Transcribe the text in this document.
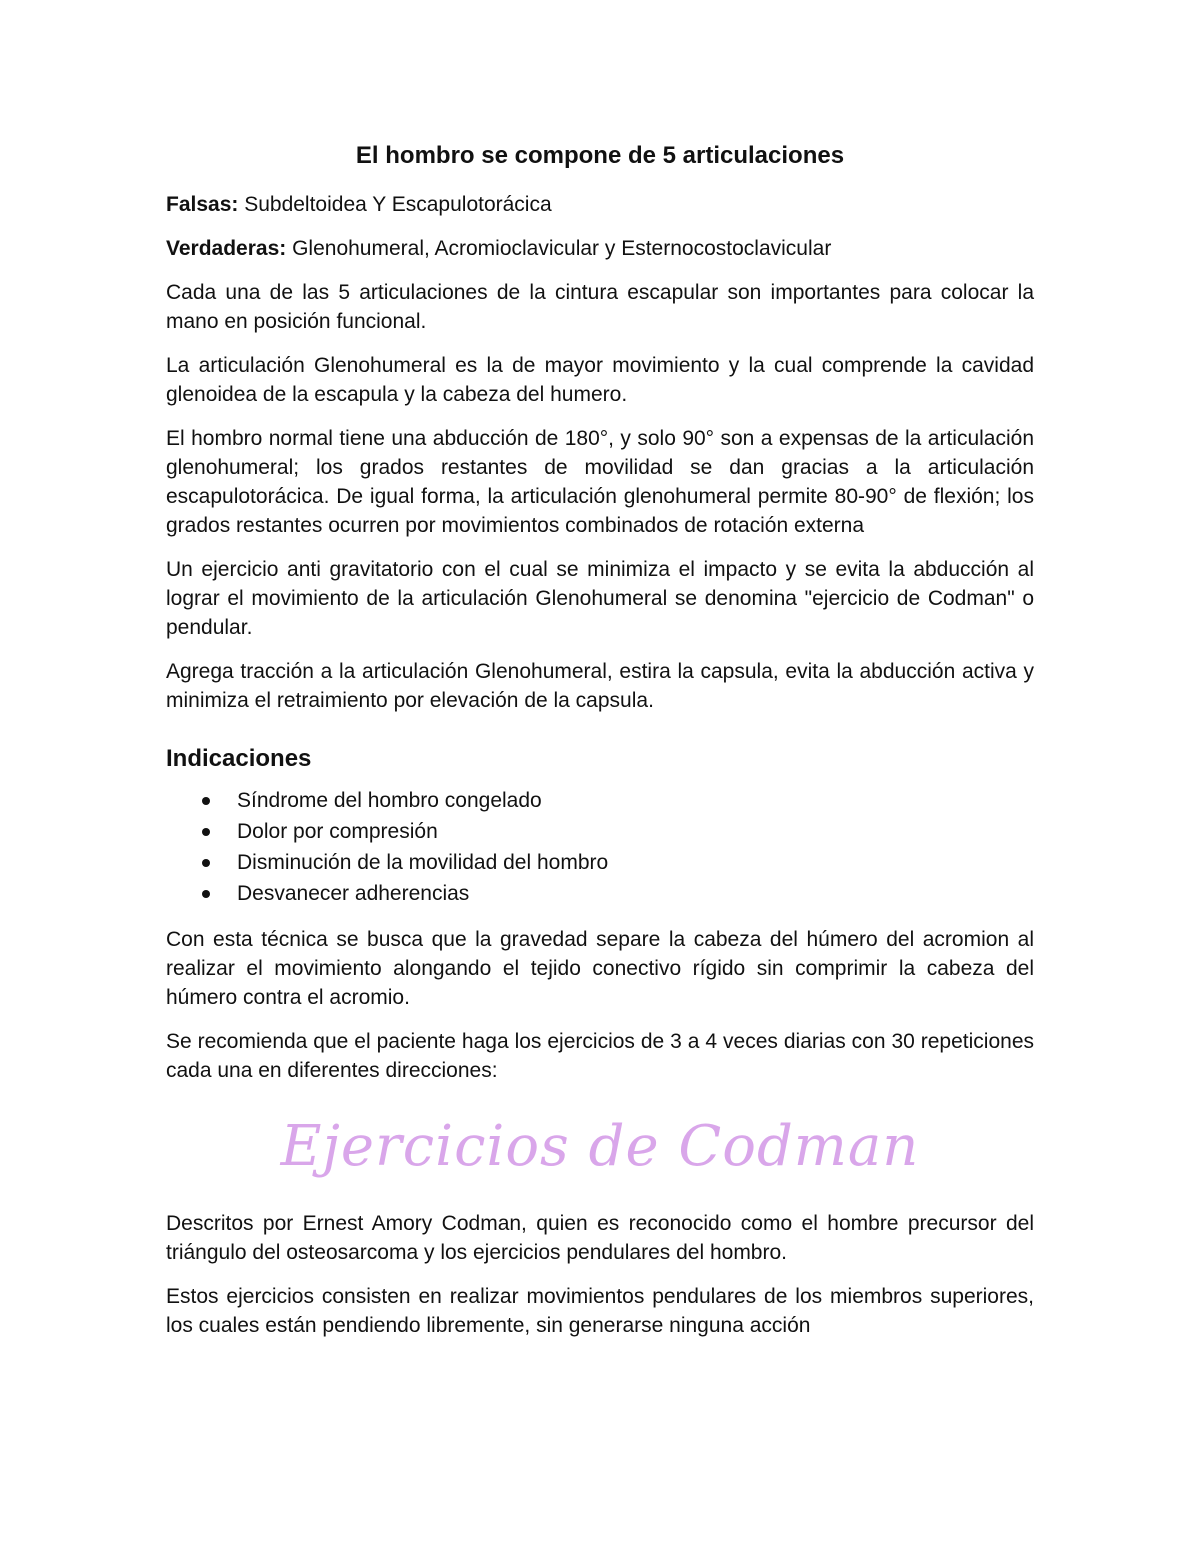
El hombro se compone de 5 articulaciones

Falsas: Subdeltoidea Y Escapulotorácica

Verdaderas: Glenohumeral, Acromioclavicular y Esternocostoclavicular

Cada una de las 5 articulaciones de la cintura escapular son importantes para colocar la mano en posición funcional.

La articulación Glenohumeral es la de mayor movimiento y la cual comprende la cavidad glenoidea de la escapula y la cabeza del humero.

El hombro normal tiene una abducción de 180°, y solo 90° son a expensas de la articulación glenohumeral; los grados restantes de movilidad se dan gracias a la articulación escapulotorácica. De igual forma, la articulación glenohumeral permite 80-90° de flexión; los grados restantes ocurren por movimientos combinados de rotación externa

Un ejercicio anti gravitatorio con el cual se minimiza el impacto y se evita la abducción al lograr el movimiento de la articulación Glenohumeral se denomina "ejercicio de Codman" o pendular.

Agrega tracción a la articulación Glenohumeral, estira la capsula, evita la abducción activa y minimiza el retraimiento por elevación de la capsula.

Indicaciones
Síndrome del hombro congelado
Dolor por compresión
Disminución de la movilidad del hombro
Desvanecer adherencias

Con esta técnica se busca que la gravedad separe la cabeza del húmero del acromion al realizar el movimiento alongando el tejido conectivo rígido sin comprimir la cabeza del húmero contra el acromio.

Se recomienda que el paciente haga los ejercicios de 3 a 4 veces diarias con 30 repeticiones cada una en diferentes direcciones:

Ejercicios de Codman

Descritos por Ernest Amory Codman, quien es reconocido como el hombre precursor del triángulo del osteosarcoma y los ejercicios pendulares del hombro.

Estos ejercicios consisten en realizar movimientos pendulares de los miembros superiores, los cuales están pendiendo libremente, sin generarse ninguna acción
